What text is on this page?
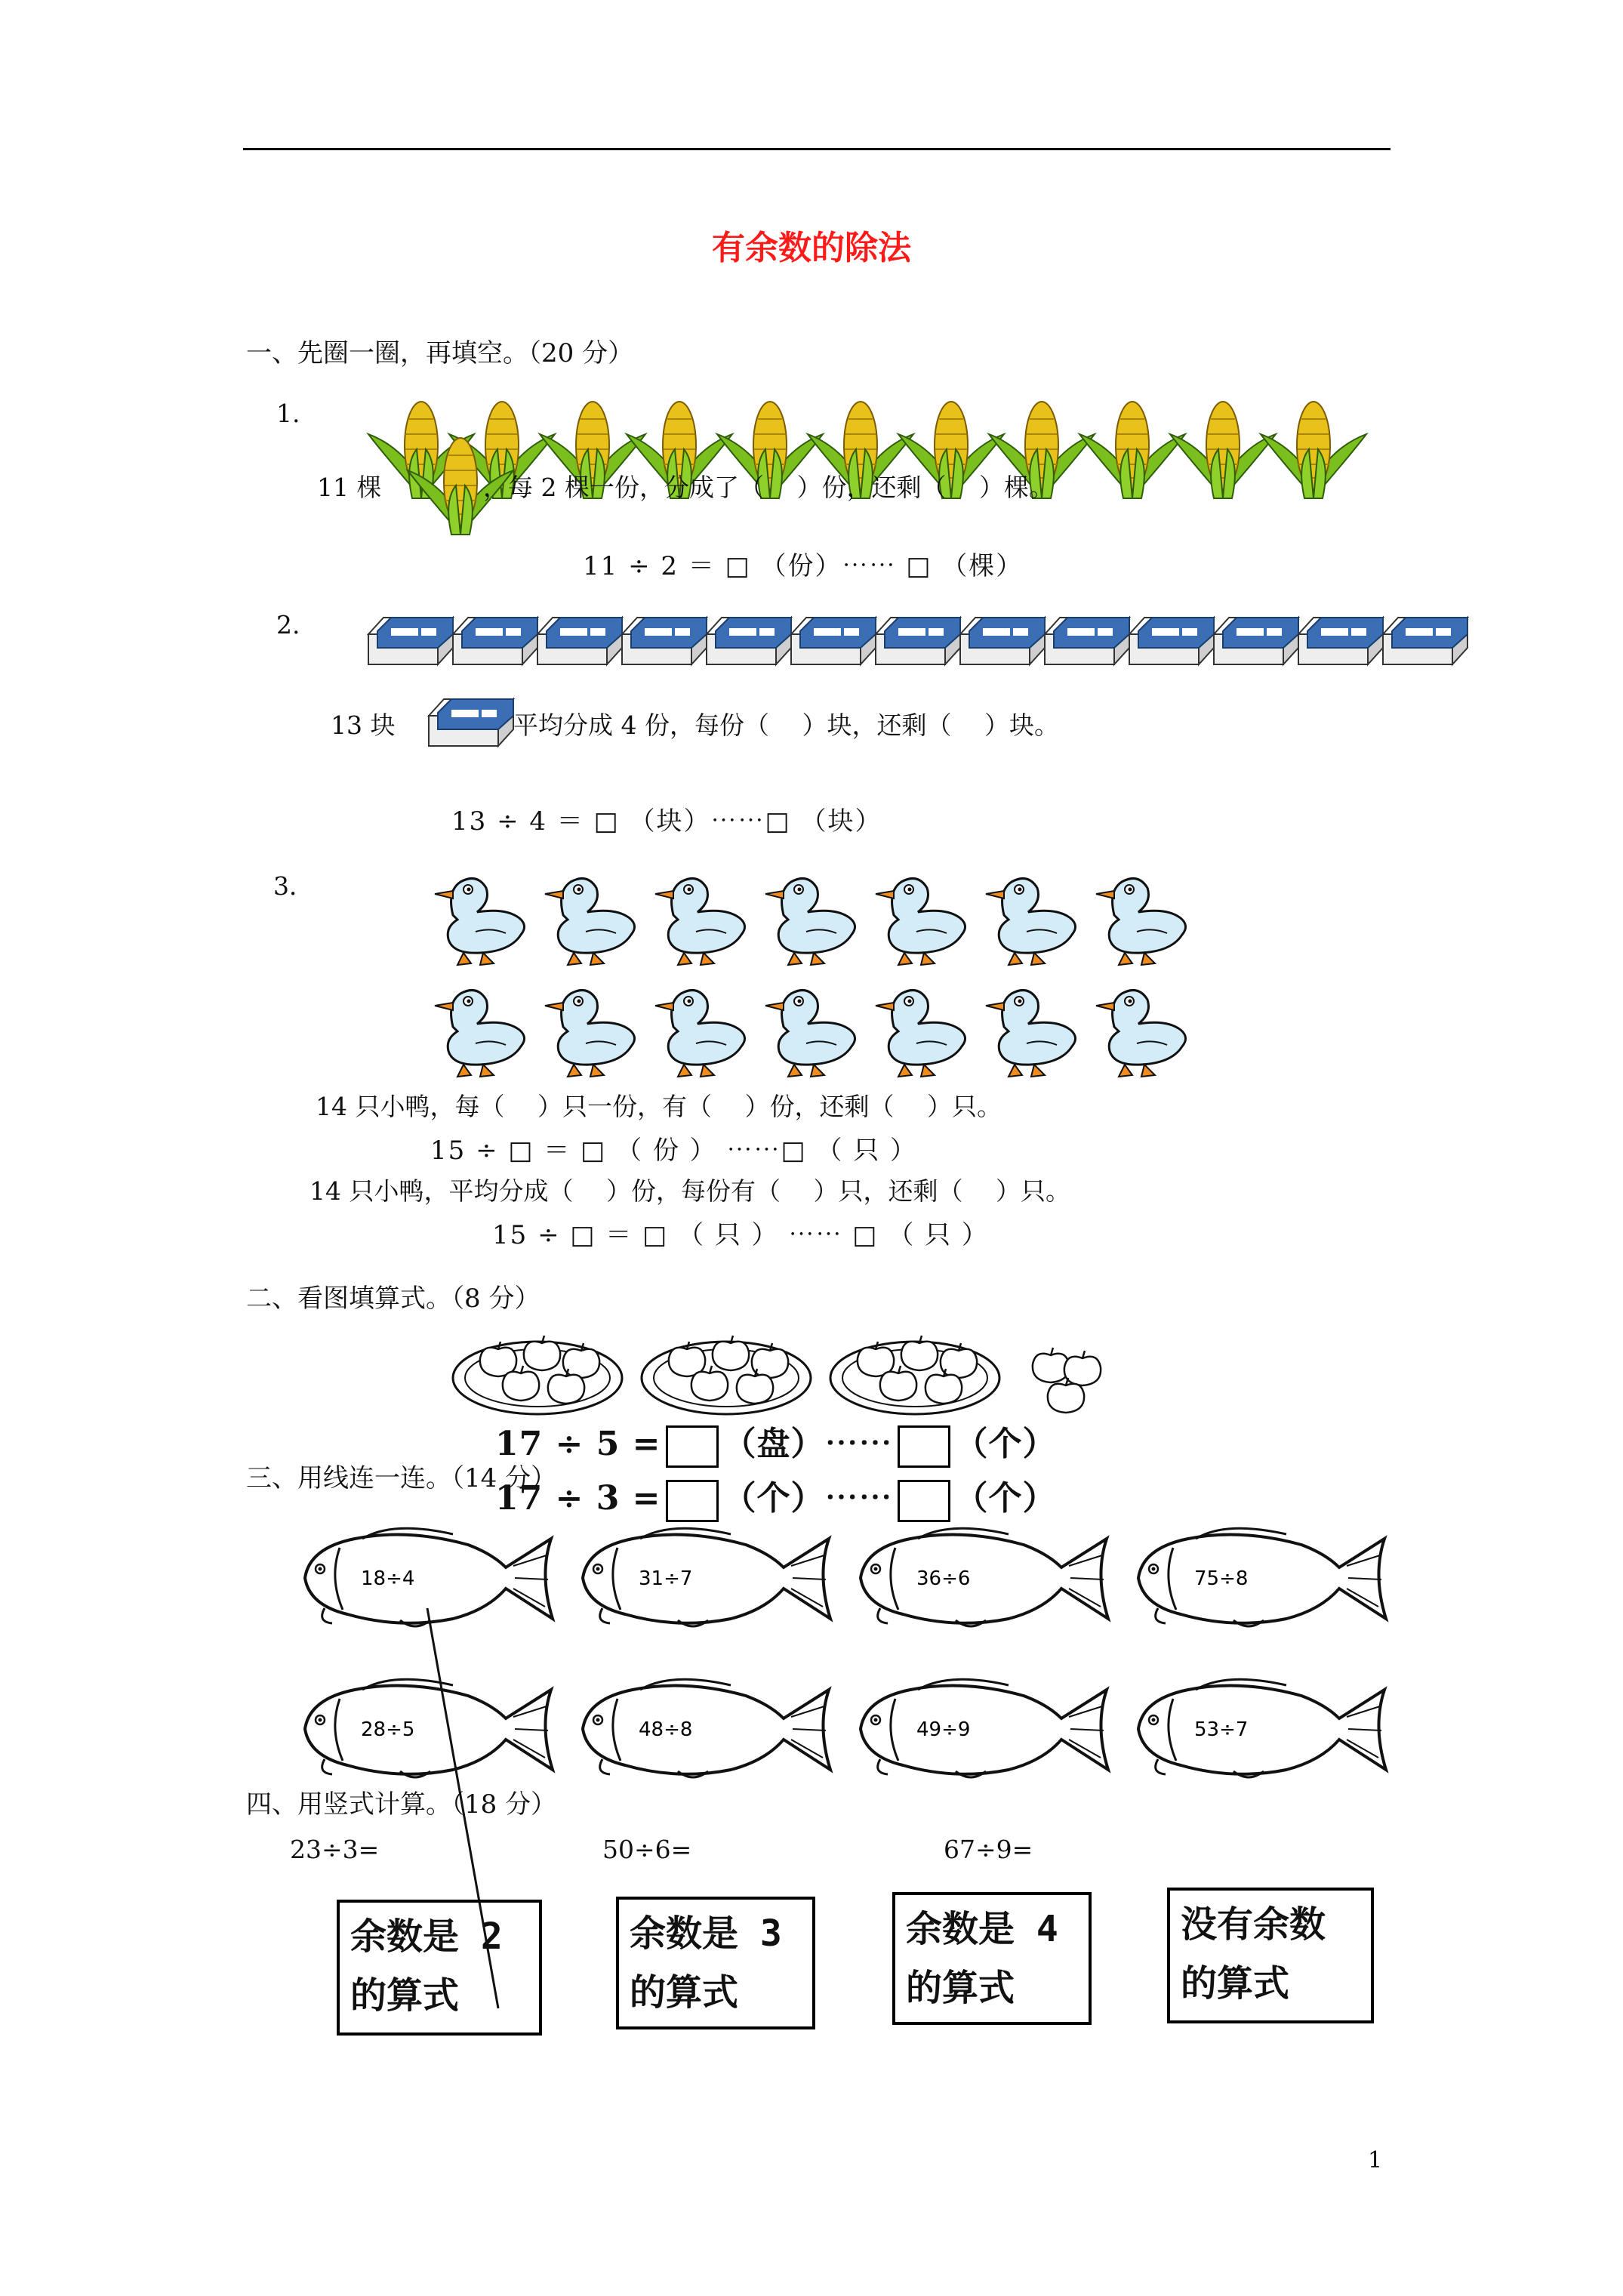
有余数的除法
一、先圈一圈，再填空。（20 分）
1.
11 棵	，每 2 棵一份，分成了（　 ）份，还剩（　 ）棵。
11 ÷ 2 ＝ □ （份）⋯⋯ □ （棵）
2.
13 块	平均分成 4 份，每份（　 ）块，还剩（　 ）块。
13 ÷ 4 ＝ □ （块）⋯⋯□ （块）
3．
14 只小鸭，每（　 ）只一份，有（　 ）份，还剩（　 ）只。
15 ÷ □ ＝ □ （ 份 ） ⋯⋯□ （ 只 ）
14 只小鸭，平均分成（　 ）份，每份有（　 ）只，还剩（　 ）只。
15 ÷ □ ＝ □ （ 只 ） ⋯⋯ □ （ 只 ）
二、看图填算式。（8 分）
17 ÷ 5 = （盘）⋯⋯ （个）
17 ÷ 3 = （个）⋯⋯ （个）
三、用线连一连。（14 分）
18÷4	31÷7	36÷6	75÷8
28÷5	48÷8	49÷9	53÷7
四、用竖式计算。（18 分）
23÷3=	50÷6=	67÷9=
余数是 2
的算式
余数是 3
的算式
余数是 4
的算式
没有余数
的算式
1
